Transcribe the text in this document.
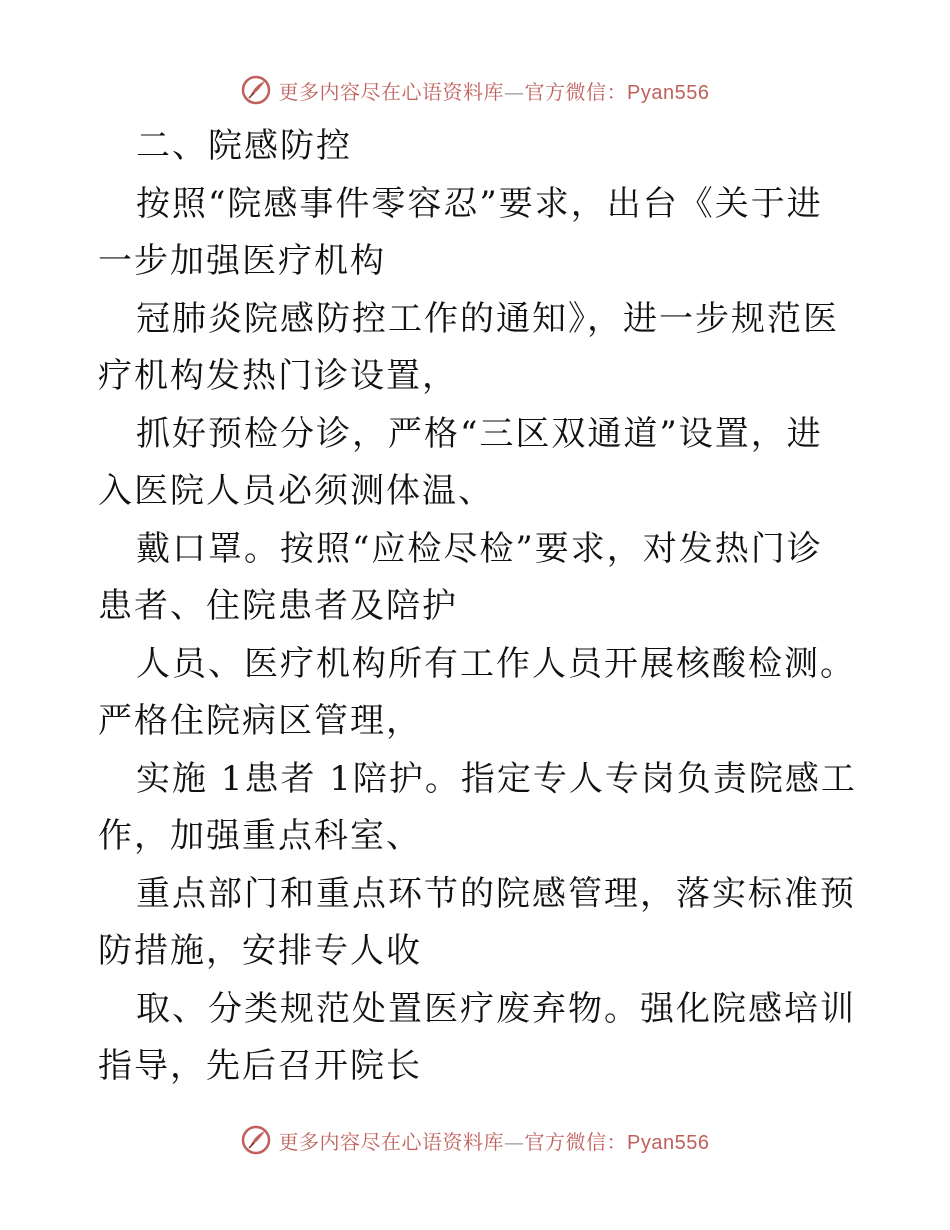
更多内容尽在心语资料库—官方微信：Pyan556

二、院感防控

按照“院感事件零容忍”要求，出台《关于进一步加强医疗机构

冠肺炎院感防控工作的通知》，进一步规范医疗机构发热门诊设置，

抓好预检分诊，严格“三区双通道”设置，进入医院人员必须测体温、

戴口罩。按照“应检尽检”要求，对发热门诊患者、住院患者及陪护

人员、医疗机构所有工作人员开展核酸检测。严格住院病区管理，

实施 1患者 1陪护。指定专人专岗负责院感工作，加强重点科室、

重点部门和重点环节的院感管理，落实标准预防措施，安排专人收

取、分类规范处置医疗废弃物。强化院感培训指导，先后召开院长

更多内容尽在心语资料库—官方微信：Pyan556
